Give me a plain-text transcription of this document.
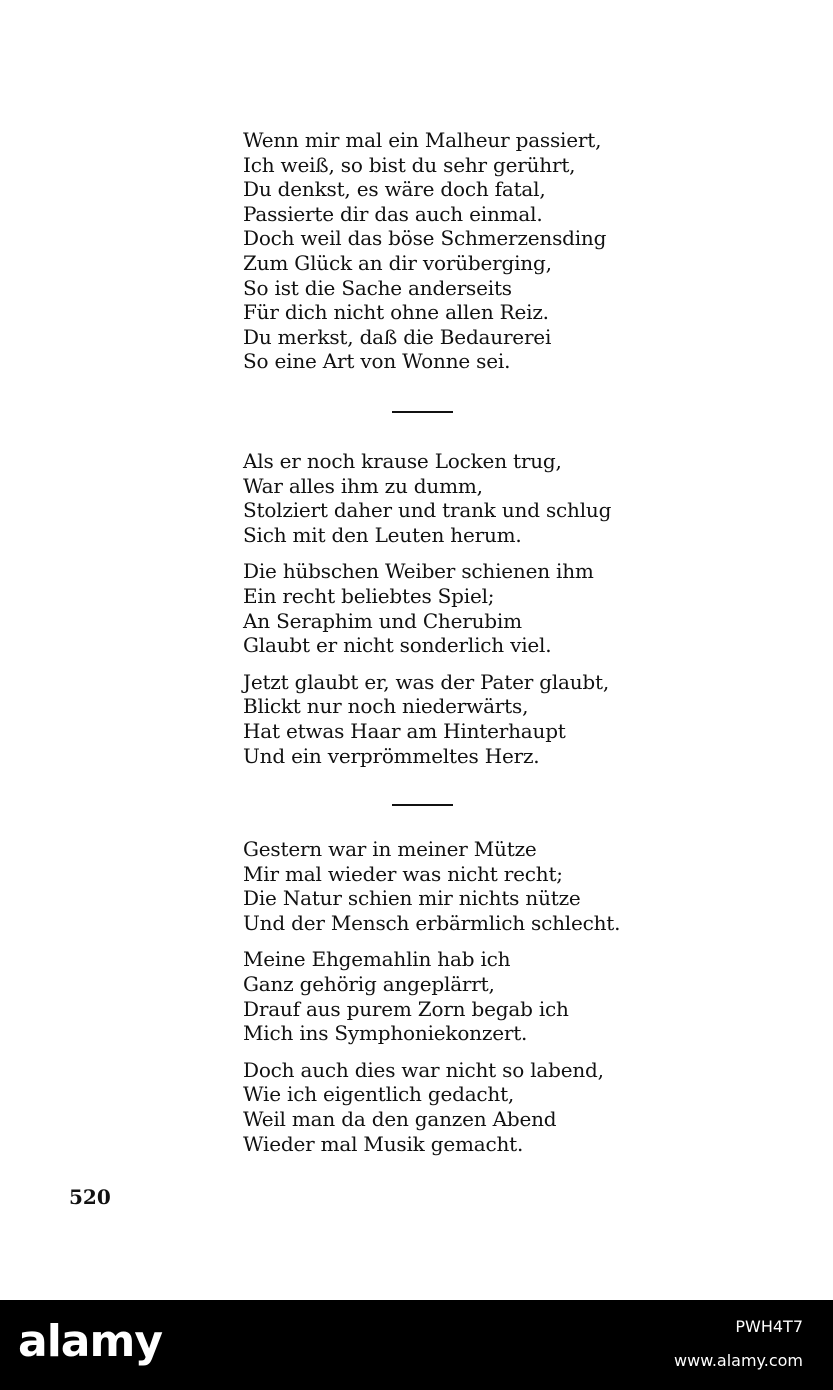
Wenn mir mal ein Malheur passiert,
Ich weiß, so bist du sehr gerührt,
Du denkst, es wäre doch fatal,
Passierte dir das auch einmal.
Doch weil das böse Schmerzensding
Zum Glück an dir vorüberging,
So ist die Sache anderseits
Für dich nicht ohne allen Reiz.
Du merkst, daß die Bedaurerei
So eine Art von Wonne sei.
Als er noch krause Locken trug,
War alles ihm zu dumm,
Stolziert daher und trank und schlug
Sich mit den Leuten herum.
Die hübschen Weiber schienen ihm
Ein recht beliebtes Spiel;
An Seraphim und Cherubim
Glaubt er nicht sonderlich viel.
Jetzt glaubt er, was der Pater glaubt,
Blickt nur noch niederwärts,
Hat etwas Haar am Hinterhaupt
Und ein verprömmeltes Herz.
Gestern war in meiner Mütze
Mir mal wieder was nicht recht;
Die Natur schien mir nichts nütze
Und der Mensch erbärmlich schlecht.
Meine Ehgemahlin hab ich
Ganz gehörig angeplärrt,
Drauf aus purem Zorn begab ich
Mich ins Symphoniekonzert.
Doch auch dies war nicht so labend,
Wie ich eigentlich gedacht,
Weil man da den ganzen Abend
Wieder mal Musik gemacht.
520
alamy	PWH4T7
www.alamy.com
